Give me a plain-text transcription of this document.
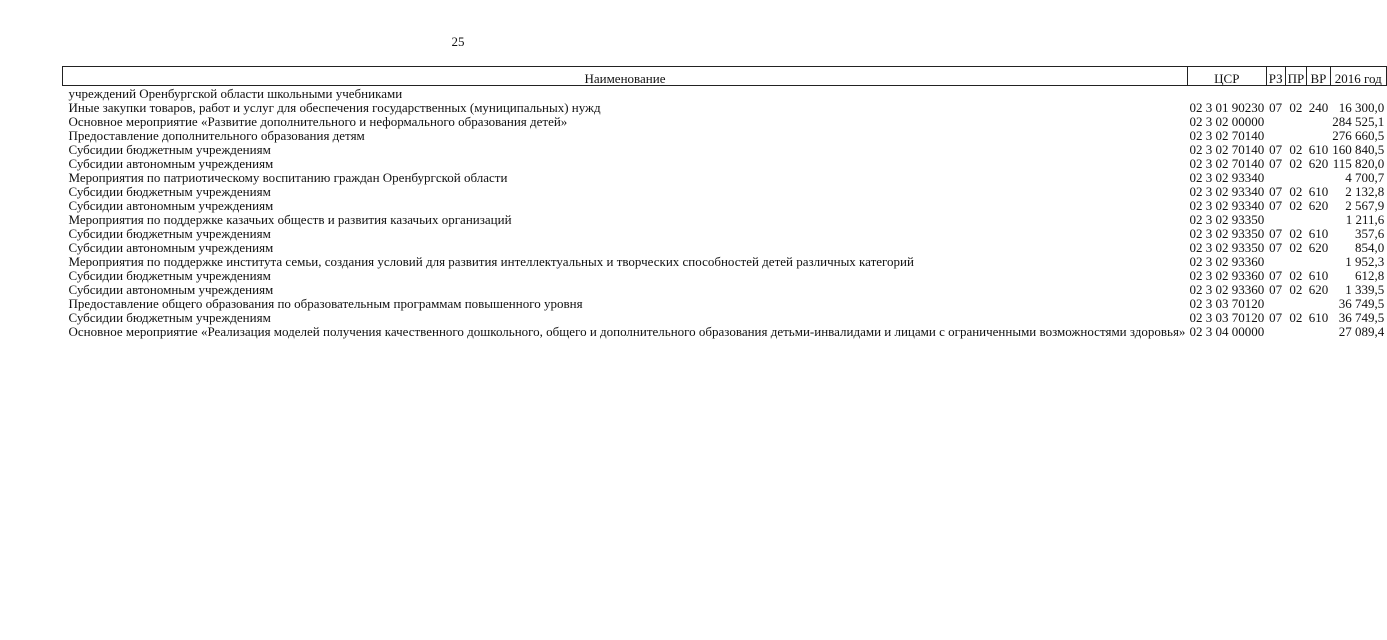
25
Наименование	ЦСР	РЗ	ПР	ВР	2016 год
учреждений Оренбургской области школьными учебниками					
Иные закупки товаров, работ и услуг для обеспечения государственных (муниципальных) нужд	02 3 01 90230	07	02	240	16 300,0
Основное мероприятие «Развитие дополнительного и неформального образования детей»	02 3 02 00000				284 525,1
Предоставление дополнительного образования детям	02 3 02 70140				276 660,5
Субсидии бюджетным учреждениям	02 3 02 70140	07	02	610	160 840,5
Субсидии автономным учреждениям	02 3 02 70140	07	02	620	115 820,0
Мероприятия по патриотическому воспитанию граждан Оренбургской области	02 3 02 93340				4 700,7
Субсидии бюджетным учреждениям	02 3 02 93340	07	02	610	2 132,8
Субсидии автономным учреждениям	02 3 02 93340	07	02	620	2 567,9
Мероприятия по поддержке казачьих обществ и развития казачьих организаций	02 3 02 93350				1 211,6
Субсидии бюджетным учреждениям	02 3 02 93350	07	02	610	357,6
Субсидии автономным учреждениям	02 3 02 93350	07	02	620	854,0
Мероприятия по поддержке института семьи, создания условий для развития интеллектуальных и творческих способностей детей различных категорий	02 3 02 93360				1 952,3
Субсидии бюджетным учреждениям	02 3 02 93360	07	02	610	612,8
Субсидии автономным учреждениям	02 3 02 93360	07	02	620	1 339,5
Предоставление общего образования по образовательным программам повышенного уровня	02 3 03 70120				36 749,5
Субсидии бюджетным учреждениям	02 3 03 70120	07	02	610	36 749,5
Основное мероприятие «Реализация моделей получения качественного дошкольного, общего и дополнительного образования детьми-инвалидами и лицами с ограниченными возможностями здоровья»	02 3 04 00000				27 089,4
